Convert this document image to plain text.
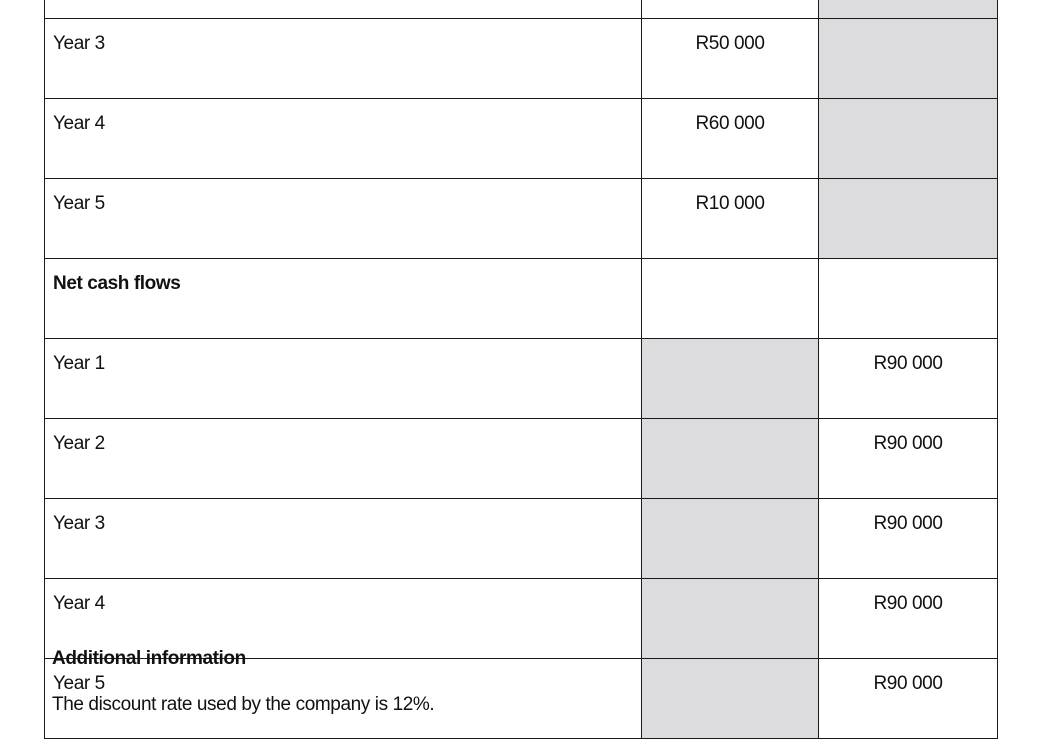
Year 3	R50 000	
Year 4	R60 000	
Year 5	R10 000	
Net cash flows		
Year 1		R90 000
Year 2		R90 000
Year 3		R90 000
Year 4		R90 000
Year 5		R90 000
Additional information

The discount rate used by the company is 12%.
